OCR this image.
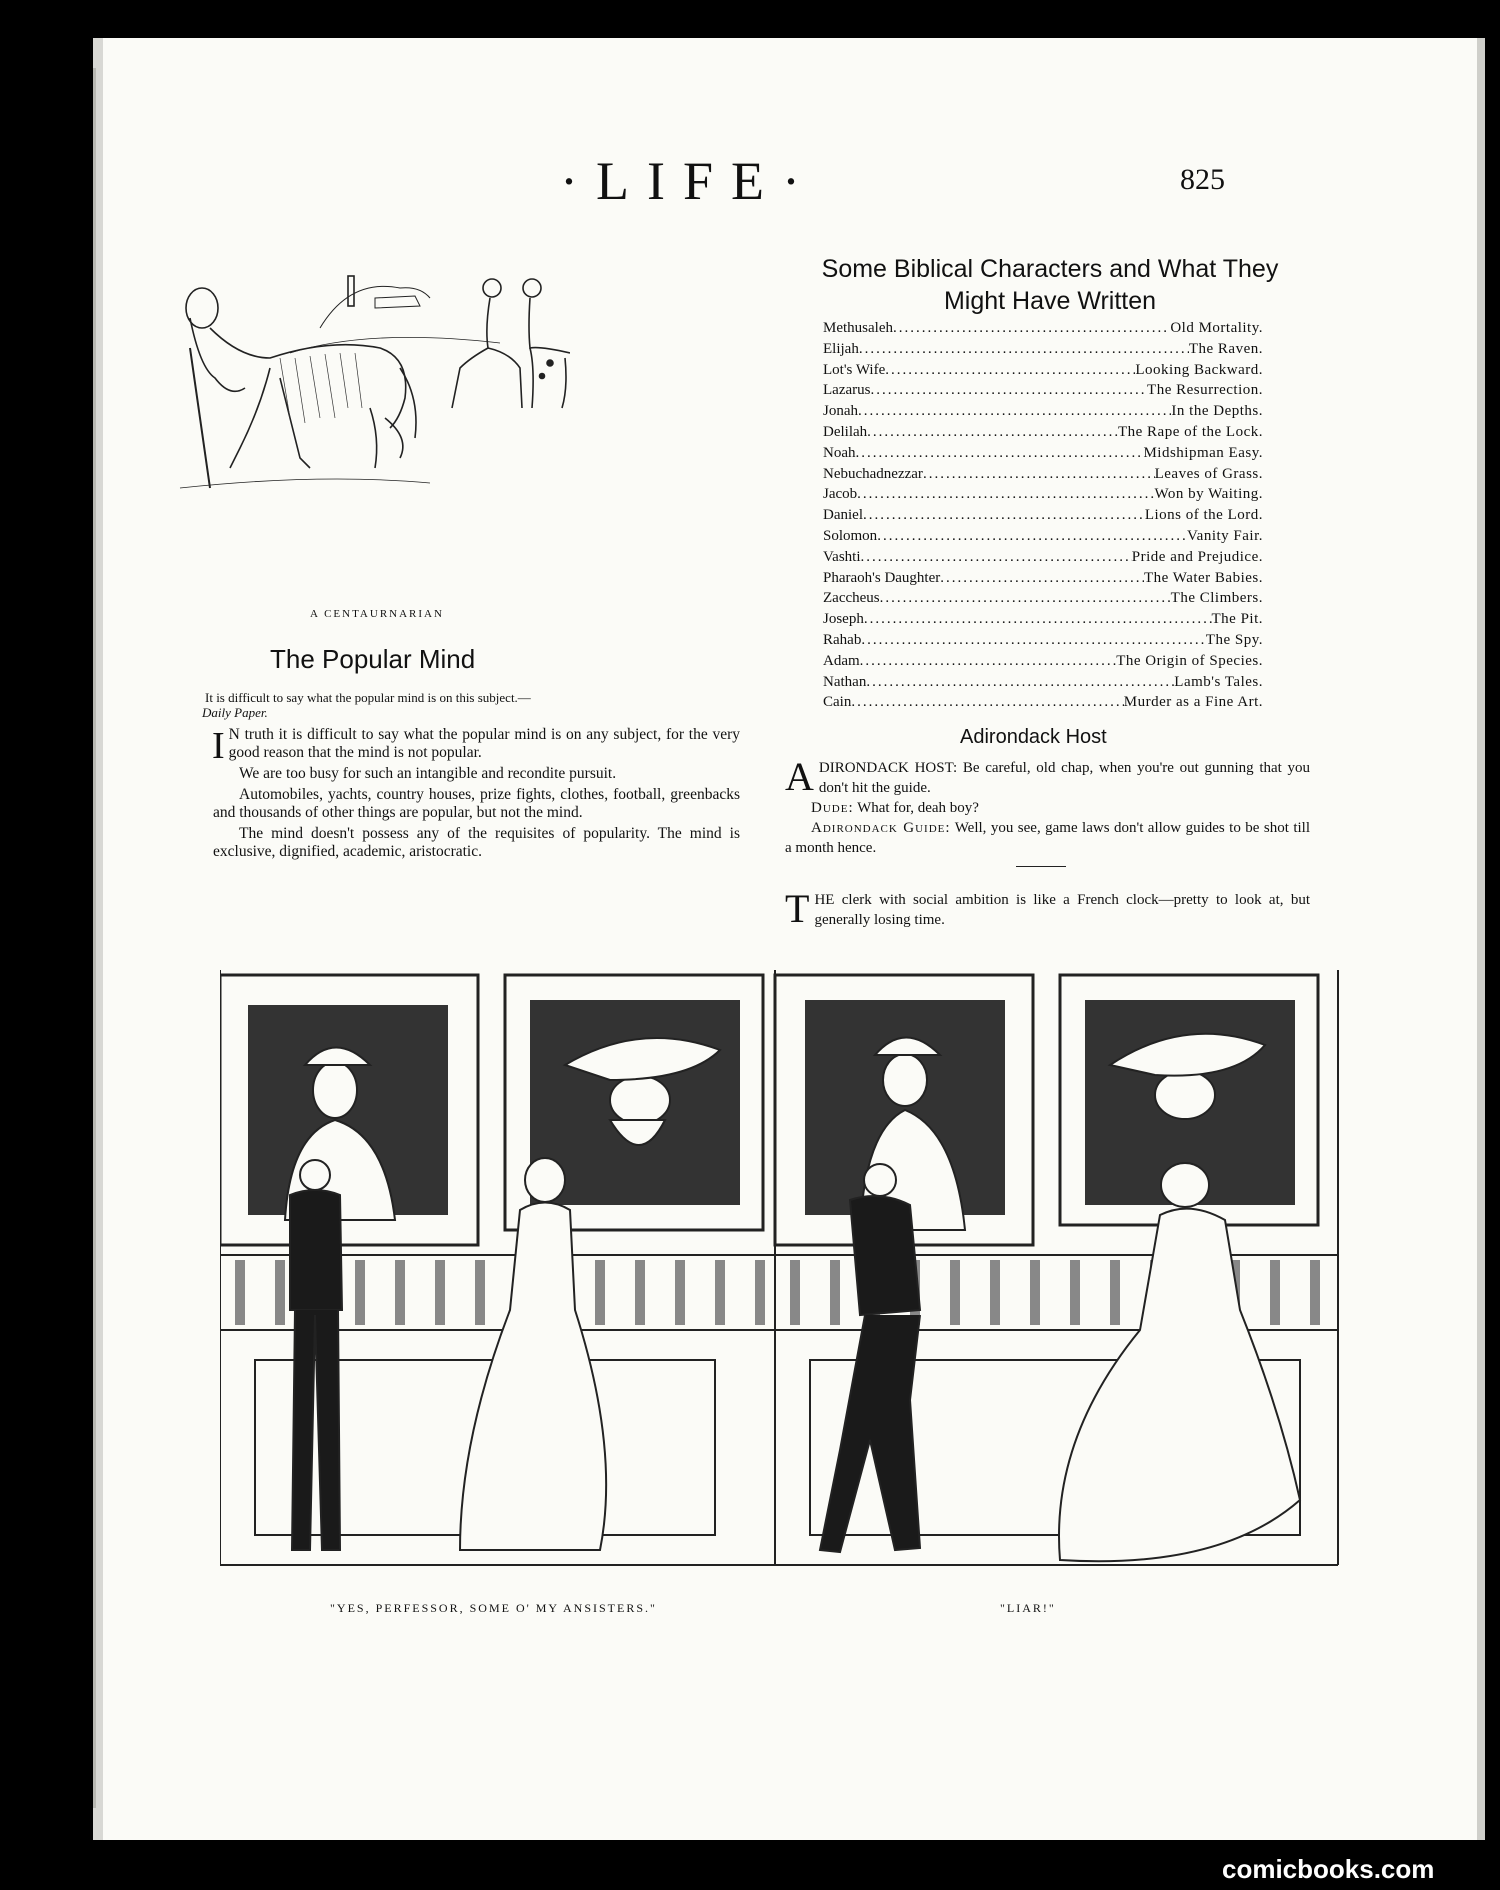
·LIFE·	825
A CENTAURNARIAN
The Popular Mind
It is difficult to say what the popular mind is on this subject.—
Daily Paper.

I N truth it is difficult to say what the popular mind is on any subject, for the very good reason that the mind is not popular.

We are too busy for such an intangible and recondite pursuit.

Automobiles, yachts, country houses, prize fights, clothes, football, greenbacks and thousands of other things are popular, but not the mind.

The mind doesn't possess any of the requisites of popularity. The mind is exclusive, dignified, academic, aristocratic.

Some Biblical Characters and What They
Might Have Written
Methusaleh .....	Old Mortality.
Elijah .....	The Raven.
Lot's Wife .....	Looking Backward.
Lazarus .....	The Resurrection.
Jonah .....	In the Depths.
Delilah .....	The Rape of the Lock.
Noah .....	Midshipman Easy.
Nebuchadnezzar .....	Leaves of Grass.
Jacob .....	Won by Waiting.
Daniel .....	Lions of the Lord.
Solomon .....	Vanity Fair.
Vashti .....	Pride and Prejudice.
Pharaoh's Daughter .....	The Water Babies.
Zaccheus .....	The Climbers.
Joseph .....	The Pit.
Rahab .....	The Spy.
Adam .....	The Origin of Species.
Nathan .....	Lamb's Tales.
Cain .....	Murder as a Fine Art.
Adirondack Host

ADIRONDACK HOST: Be careful, old chap, when you're out gunning that you don't hit the guide.

Dude: What for, deah boy?

Adirondack Guide: Well, you see, game laws don't allow guides to be shot till a month hence.

THE clerk with social ambition is like a French clock—pretty to look at, but generally losing time.

"YES, PERFESSOR, SOME O' MY ANSISTERS."	"LIAR!"
comicbooks.com
